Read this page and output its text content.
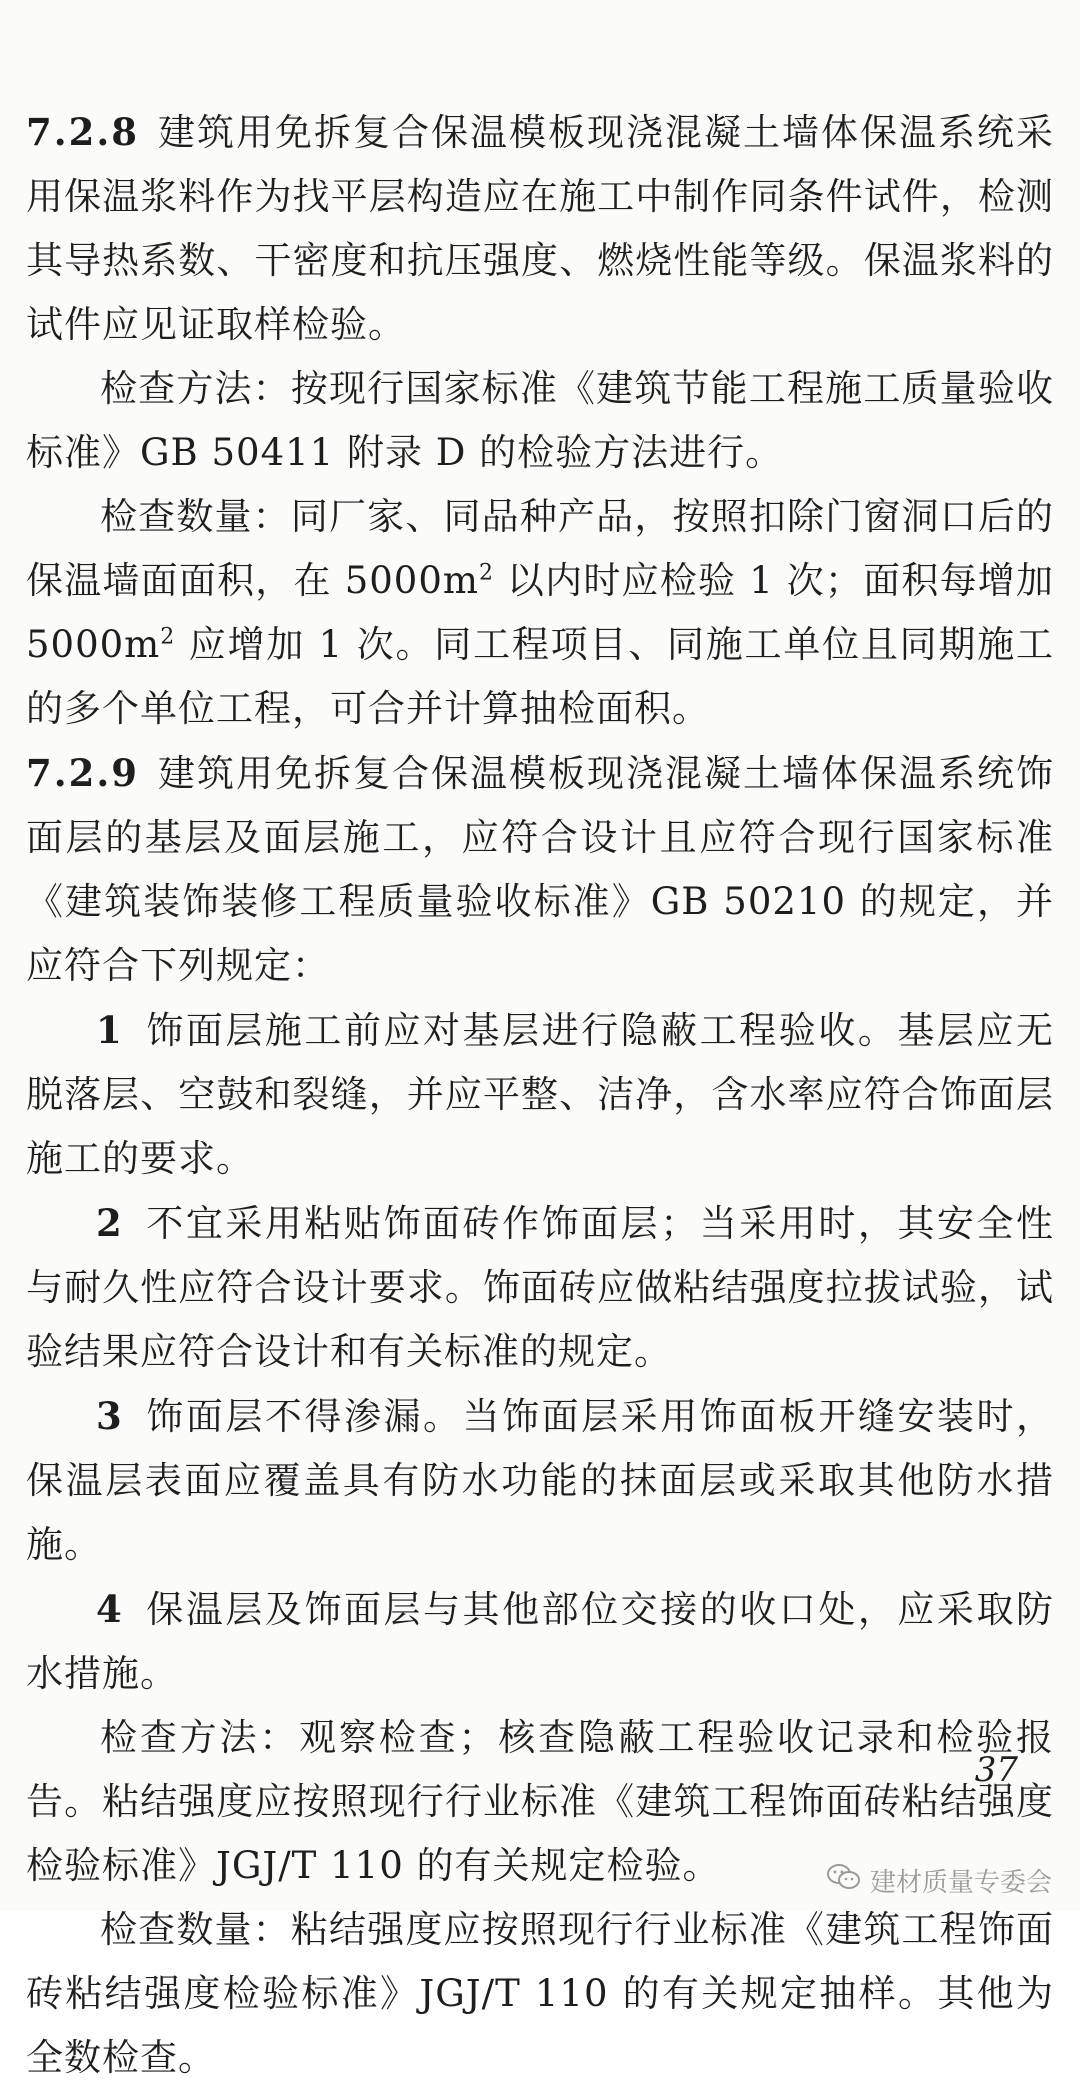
7.2.8 建筑用免拆复合保温模板现浇混凝土墙体保温系统采用保温浆料作为找平层构造应在施工中制作同条件试件，检测其导热系数、干密度和抗压强度、燃烧性能等级。保温浆料的试件应见证取样检验。

检查方法：按现行国家标准《建筑节能工程施工质量验收标准》GB 50411 附录 D 的检验方法进行。

检查数量：同厂家、同品种产品，按照扣除门窗洞口后的保温墙面面积，在 $5000m^2$ 以内时应检验 1 次；面积每增加 $5000m^2$ 应增加 1 次。同工程项目、同施工单位且同期施工的多个单位工程，可合并计算抽检面积。

7.2.9 建筑用免拆复合保温模板现浇混凝土墙体保温系统饰面层的基层及面层施工，应符合设计且应符合现行国家标准《建筑装饰装修工程质量验收标准》GB 50210 的规定，并应符合下列规定：

1 饰面层施工前应对基层进行隐蔽工程验收。基层应无脱落层、空鼓和裂缝，并应平整、洁净，含水率应符合饰面层施工的要求。

2 不宜采用粘贴饰面砖作饰面层；当采用时，其安全性与耐久性应符合设计要求。饰面砖应做粘结强度拉拔试验，试验结果应符合设计和有关标准的规定。

3 饰面层不得渗漏。当饰面层采用饰面板开缝安装时，保温层表面应覆盖具有防水功能的抹面层或采取其他防水措施。

4 保温层及饰面层与其他部位交接的收口处，应采取防水措施。

检查方法：观察检查；核查隐蔽工程验收记录和检验报告。粘结强度应按照现行行业标准《建筑工程饰面砖粘结强度检验标准》JGJ/T 110 的有关规定检验。

检查数量：粘结强度应按照现行行业标准《建筑工程饰面砖粘结强度检验标准》JGJ/T 110 的有关规定抽样。其他为全数检查。

37
建材质量专委会
